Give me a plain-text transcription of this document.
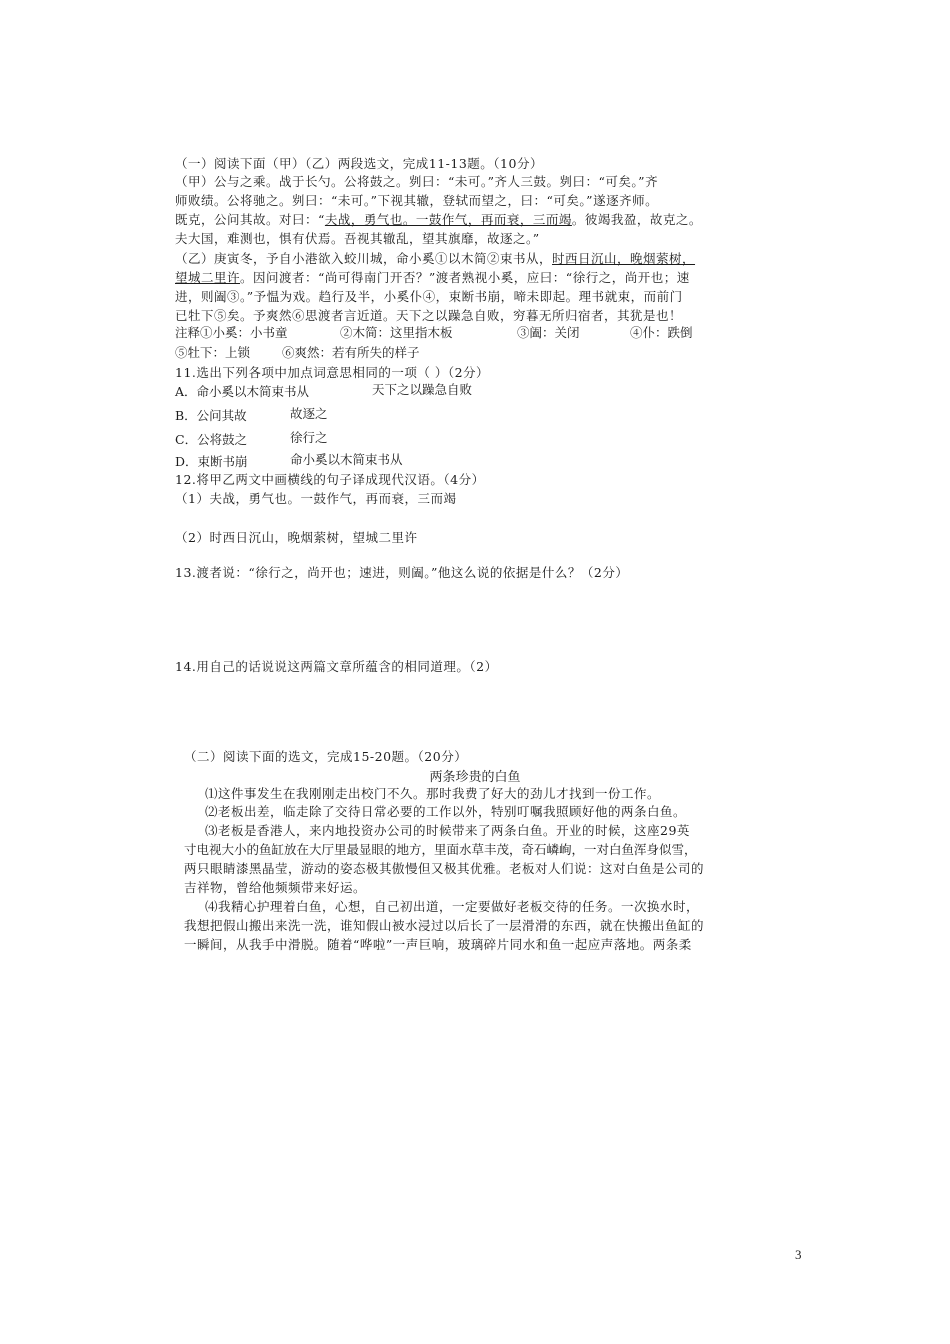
（一）阅读下面（甲）（乙）两段选文，完成11-13题。（10分）
（甲）公与之乘。战于长勺。公将鼓之。刿曰：“未可。”齐人三鼓。刿曰：“可矣。”齐
师败绩。公将驰之。刿曰：“未可。”下视其辙，登轼而望之，曰：“可矣。”遂逐齐师。
既克，公问其故。对曰：“夫战，勇气也。一鼓作气，再而衰，三而竭。彼竭我盈，故克之。
夫大国，难测也，惧有伏焉。吾视其辙乱，望其旗靡，故逐之。”
（乙）庚寅冬，予自小港欲入蛟川城，命小奚①以木简②束书从，时西日沉山，晚烟萦树，
望城二里许。因问渡者：“尚可得南门开否？”渡者熟视小奚，应曰：“徐行之，尚开也；速
进，则阖③。”予愠为戏。趋行及半，小奚仆④，束断书崩，啼未即起。理书就束，而前门
已牡下⑤矣。予爽然⑥思渡者言近道。天下之以躁急自败，穷暮无所归宿者，其犹是也！
注释①小奚：小书童	②木简：这里指木板	③阖：关闭	④仆：跌倒
⑤牡下：上锁	⑥爽然：若有所失的样子
11.选出下列各项中加点词意思相同的一项（ ）（2分）
A．命小奚以木简束书从	天下之以躁急自败
B．公问其故	故逐之
C．公将鼓之	徐行之
D．束断书崩	命小奚以木简束书从
12.将甲乙两文中画横线的句子译成现代汉语。（4分）
（1）夫战，勇气也。一鼓作气，再而衰，三而竭
（2）时西日沉山，晚烟萦树，望城二里许
13.渡者说：“徐行之，尚开也；速进，则阖。”他这么说的依据是什么？（2分）
14.用自己的话说说这两篇文章所蕴含的相同道理。（2）
（二）阅读下面的选文，完成15-20题。（20分）
两条珍贵的白鱼
⑴这件事发生在我刚刚走出校门不久。那时我费了好大的劲儿才找到一份工作。
⑵老板出差，临走除了交待日常必要的工作以外，特别叮嘱我照顾好他的两条白鱼。
⑶老板是香港人，来内地投资办公司的时候带来了两条白鱼。开业的时候，这座29英
寸电视大小的鱼缸放在大厅里最显眼的地方，里面水草丰茂，奇石嶙峋，一对白鱼浑身似雪，
两只眼睛漆黑晶莹，游动的姿态极其傲慢但又极其优雅。老板对人们说：这对白鱼是公司的
吉祥物，曾给他频频带来好运。
⑷我精心护理着白鱼，心想，自己初出道，一定要做好老板交待的任务。一次换水时，
我想把假山搬出来洗一洗，谁知假山被水浸过以后长了一层滑滑的东西，就在快搬出鱼缸的
一瞬间，从我手中滑脱。随着“哗啦”一声巨响，玻璃碎片同水和鱼一起应声落地。两条柔
3
